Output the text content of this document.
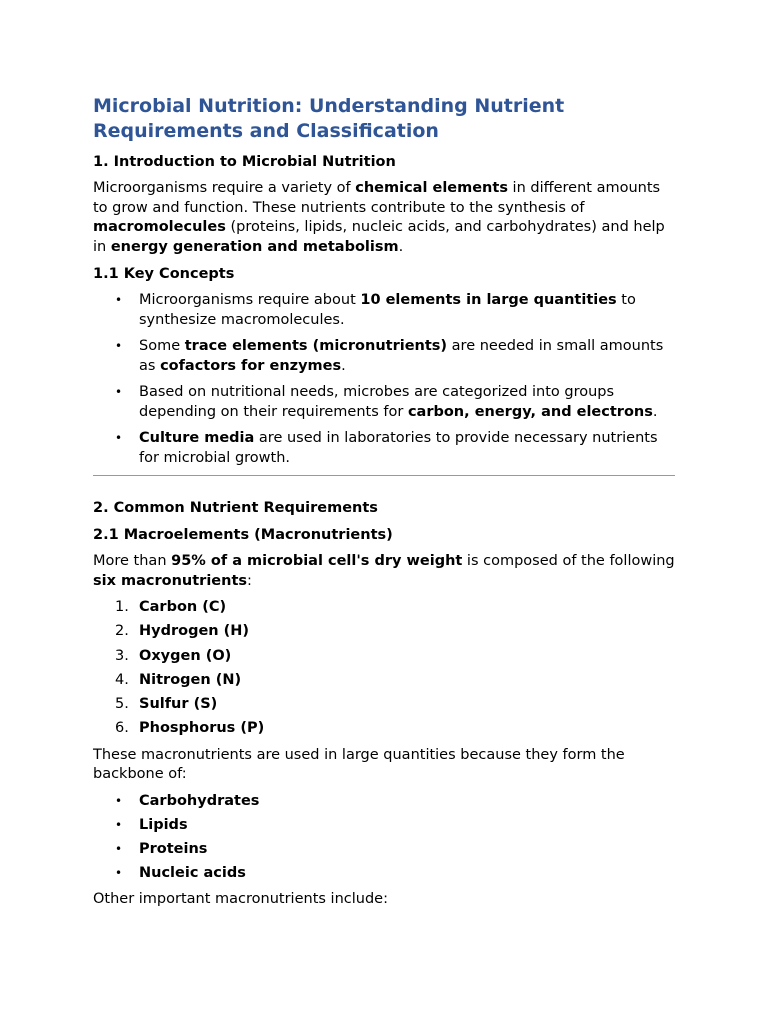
Microbial Nutrition: Understanding Nutrient Requirements and Classification
1. Introduction to Microbial Nutrition

Microorganisms require a variety of chemical elements in different amounts to grow and function. These nutrients contribute to the synthesis of macromolecules (proteins, lipids, nucleic acids, and carbohydrates) and help in energy generation and metabolism.

1.1 Key Concepts
• Microorganisms require about 10 elements in large quantities to synthesize macromolecules.
• Some trace elements (micronutrients) are needed in small amounts as cofactors for enzymes.
• Based on nutritional needs, microbes are categorized into groups depending on their requirements for carbon, energy, and electrons.
• Culture media are used in laboratories to provide necessary nutrients for microbial growth.
2. Common Nutrient Requirements
2.1 Macroelements (Macronutrients)

More than 95% of a microbial cell's dry weight is composed of the following six macronutrients:

1. Carbon (C)
2. Hydrogen (H)
3. Oxygen (O)
4. Nitrogen (N)
5. Sulfur (S)
6. Phosphorus (P)

These macronutrients are used in large quantities because they form the backbone of:

• Carbohydrates
• Lipids
• Proteins
• Nucleic acids

Other important macronutrients include:
